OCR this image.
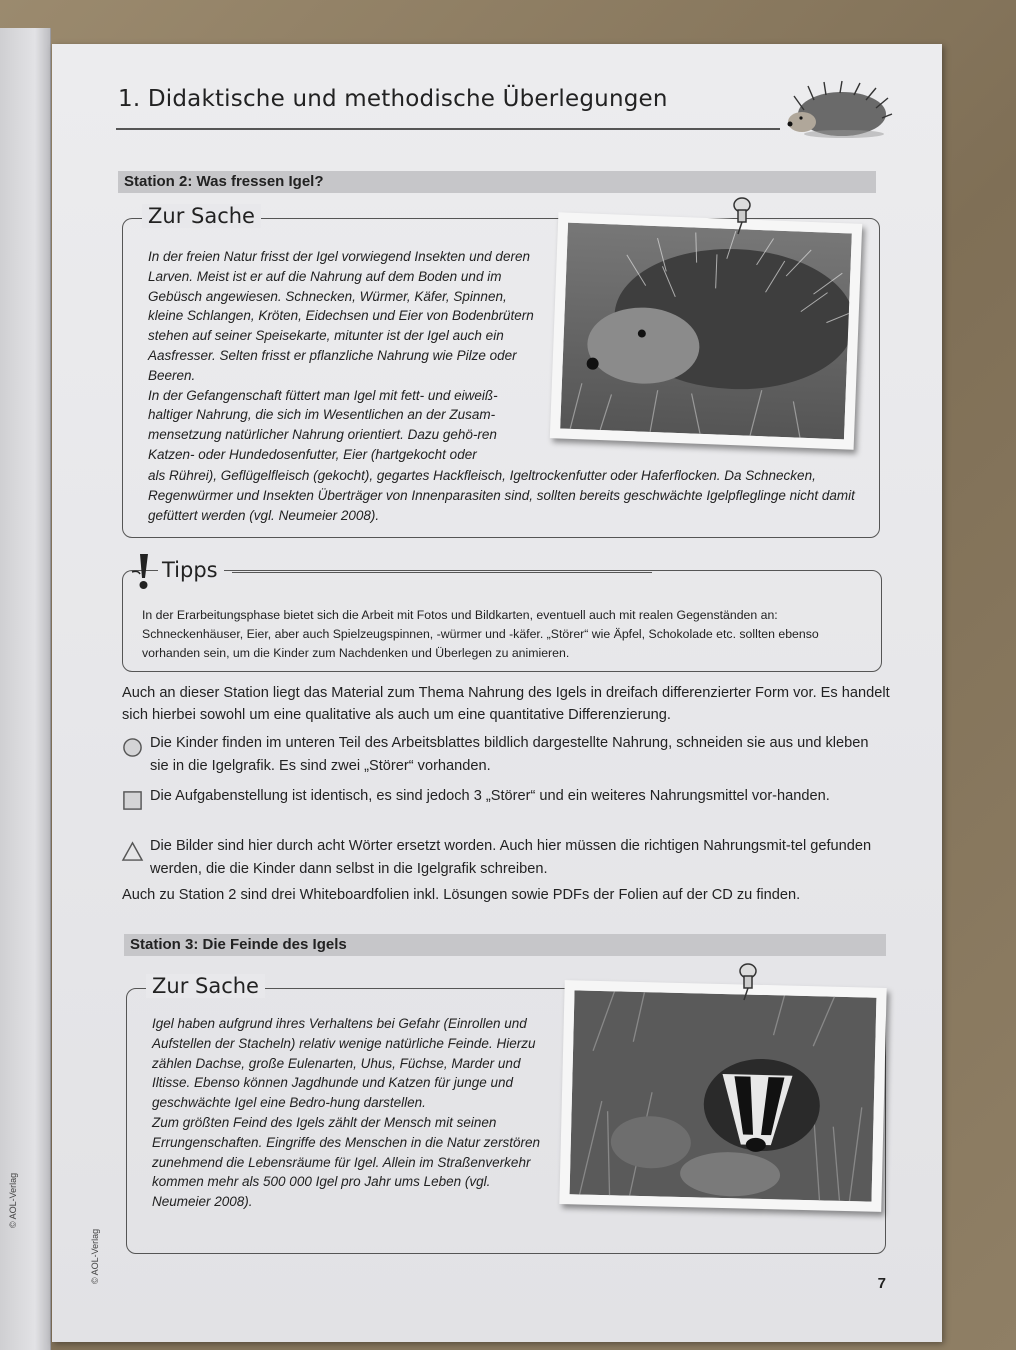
© AOL-Verlag
© AOL-Verlag
1. Didaktische und methodische Überlegungen
Station 2: Was fressen Igel?
Zur Sache

In der freien Natur frisst der Igel vorwiegend Insekten und deren Larven. Meist ist er auf die Nahrung auf dem Boden und im Gebüsch angewiesen. Schnecken, Würmer, Käfer, Spinnen, kleine Schlangen, Kröten, Eidechsen und Eier von Bodenbrütern stehen auf seiner Speisekarte, mitunter ist der Igel auch ein Aasfresser. Selten frisst er pflanzliche Nahrung wie Pilze oder Beeren.

In der Gefangenschaft füttert man Igel mit fett- und eiweiß-haltiger Nahrung, die sich im Wesentlichen an der Zusam-mensetzung natürlicher Nahrung orientiert. Dazu gehö-ren Katzen- oder Hundedosenfutter, Eier (hartgekocht oder

als Rührei), Geflügelfleisch (gekocht), gegartes Hackfleisch, Igeltrockenfutter oder Haferflocken. Da Schnecken, Regenwürmer und Insekten Überträger von Innenparasiten sind, sollten bereits geschwächte Igelpfleglinge nicht damit gefüttert werden (vgl. Neumeier 2008).

Tipps
In der Erarbeitungsphase bietet sich die Arbeit mit Fotos und Bildkarten, eventuell auch mit realen Gegenständen an: Schneckenhäuser, Eier, aber auch Spielzeugspinnen, -würmer und -käfer. „Störer“ wie Äpfel, Schokolade etc. sollten ebenso vorhanden sein, um die Kinder zum Nachdenken und Überlegen zu animieren.
Auch an dieser Station liegt das Material zum Thema Nahrung des Igels in dreifach differenzierter Form vor. Es handelt sich hierbei sowohl um eine qualitative als auch um eine quantitative Differenzierung.
Die Kinder finden im unteren Teil des Arbeitsblattes bildlich dargestellte Nahrung, schneiden sie aus und kleben sie in die Igelgrafik. Es sind zwei „Störer“ vorhanden.
Die Aufgabenstellung ist identisch, es sind jedoch 3 „Störer“ und ein weiteres Nahrungsmittel vor-handen.
Die Bilder sind hier durch acht Wörter ersetzt worden. Auch hier müssen die richtigen Nahrungsmit-tel gefunden werden, die die Kinder dann selbst in die Igelgrafik schreiben.
Auch zu Station 2 sind drei Whiteboardfolien inkl. Lösungen sowie PDFs der Folien auf der CD zu finden.
Station 3: Die Feinde des Igels
Zur Sache

Igel haben aufgrund ihres Verhaltens bei Gefahr (Einrollen und Aufstellen der Stacheln) relativ wenige natürliche Feinde. Hierzu zählen Dachse, große Eulenarten, Uhus, Füchse, Marder und Iltisse. Ebenso können Jagdhunde und Katzen für junge und geschwächte Igel eine Bedro-hung darstellen.

Zum größten Feind des Igels zählt der Mensch mit seinen Errungenschaften. Eingriffe des Menschen in die Natur zerstören zunehmend die Lebensräume für Igel. Allein im Straßenverkehr kommen mehr als 500 000 Igel pro Jahr ums Leben (vgl. Neumeier 2008).

7
